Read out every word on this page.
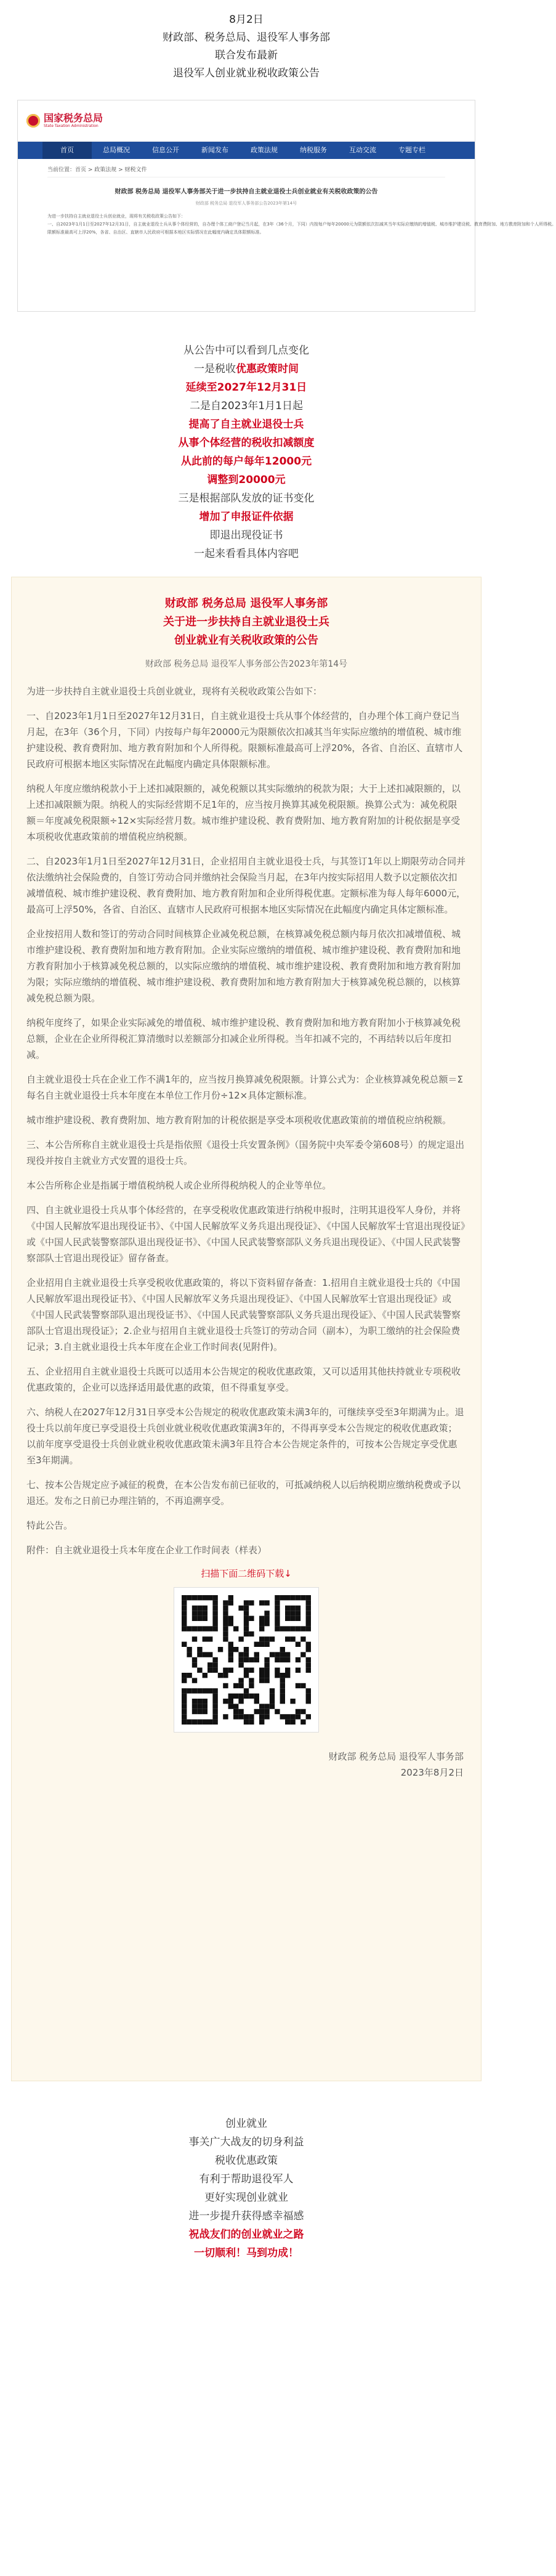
8月2日
财政部、税务总局、退役军人事务部
联合发布最新
退役军人创业就业税收政策公告
国家税务总局
State Taxation Administration
首页	总局概况	信息公开	新闻发布	政策法规	纳税服务	互动交流	专题专栏
当前位置：首页 > 政策法规 > 财税文件
财政部 税务总局 退役军人事务部关于进一步扶持自主就业退役士兵创业就业有关税收政策的公告
财政部 税务总局 退役军人事务部公告2023年第14号
为进一步扶持自主就业退役士兵创业就业，现将有关税收政策公告如下：
一、自2023年1月1日至2027年12月31日，自主就业退役士兵从事个体经营的，自办理个体工商户登记当月起，在3年（36个月，下同）内按每户每年20000元为限额依次扣减其当年实际应缴纳的增值税、城市维护建设税、教育费附加、地方教育附加和个人所得税。
限额标准最高可上浮20%，各省、自治区、直辖市人民政府可根据本地区实际情况在此幅度内确定具体限额标准。
从公告中可以看到几点变化
一是税收优惠政策时间
延续至2027年12月31日
二是自2023年1月1日起
提高了自主就业退役士兵
从事个体经营的税收扣减额度
从此前的每户每年12000元
调整到20000元
三是根据部队发放的证书变化
增加了申报证件依据
即退出现役证书
一起来看看具体内容吧
财政部 税务总局 退役军人事务部
关于进一步扶持自主就业退役士兵
创业就业有关税收政策的公告
财政部 税务总局 退役军人事务部公告2023年第14号

为进一步扶持自主就业退役士兵创业就业，现将有关税收政策公告如下：

一、自2023年1月1日至2027年12月31日，自主就业退役士兵从事个体经营的，自办理个体工商户登记当月起，在3年（36个月，下同）内按每户每年20000元为限额依次扣减其当年实际应缴纳的增值税、城市维护建设税、教育费附加、地方教育附加和个人所得税。限额标准最高可上浮20%，各省、自治区、直辖市人民政府可根据本地区实际情况在此幅度内确定具体限额标准。

纳税人年度应缴纳税款小于上述扣减限额的，减免税额以其实际缴纳的税款为限；大于上述扣减限额的，以上述扣减限额为限。纳税人的实际经营期不足1年的，应当按月换算其减免税限额。换算公式为：减免税限额＝年度减免税限额÷12×实际经营月数。城市维护建设税、教育费附加、地方教育附加的计税依据是享受本项税收优惠政策前的增值税应纳税额。

二、自2023年1月1日至2027年12月31日，企业招用自主就业退役士兵，与其签订1年以上期限劳动合同并依法缴纳社会保险费的，自签订劳动合同并缴纳社会保险当月起，在3年内按实际招用人数予以定额依次扣减增值税、城市维护建设税、教育费附加、地方教育附加和企业所得税优惠。定额标准为每人每年6000元，最高可上浮50%，各省、自治区、直辖市人民政府可根据本地区实际情况在此幅度内确定具体定额标准。

企业按招用人数和签订的劳动合同时间核算企业减免税总额，在核算减免税总额内每月依次扣减增值税、城市维护建设税、教育费附加和地方教育附加。企业实际应缴纳的增值税、城市维护建设税、教育费附加和地方教育附加小于核算减免税总额的，以实际应缴纳的增值税、城市维护建设税、教育费附加和地方教育附加为限；实际应缴纳的增值税、城市维护建设税、教育费附加和地方教育附加大于核算减免税总额的，以核算减免税总额为限。

纳税年度终了，如果企业实际减免的增值税、城市维护建设税、教育费附加和地方教育附加小于核算减免税总额，企业在企业所得税汇算清缴时以差额部分扣减企业所得税。当年扣减不完的，不再结转以后年度扣减。

自主就业退役士兵在企业工作不满1年的，应当按月换算减免税限额。计算公式为：企业核算减免税总额＝Σ每名自主就业退役士兵本年度在本单位工作月份÷12×具体定额标准。

城市维护建设税、教育费附加、地方教育附加的计税依据是享受本项税收优惠政策前的增值税应纳税额。

三、本公告所称自主就业退役士兵是指依照《退役士兵安置条例》（国务院中央军委令第608号）的规定退出现役并按自主就业方式安置的退役士兵。

本公告所称企业是指属于增值税纳税人或企业所得税纳税人的企业等单位。

四、自主就业退役士兵从事个体经营的，在享受税收优惠政策进行纳税申报时，注明其退役军人身份，并将《中国人民解放军退出现役证书》、《中国人民解放军义务兵退出现役证》、《中国人民解放军士官退出现役证》或《中国人民武装警察部队退出现役证书》、《中国人民武装警察部队义务兵退出现役证》、《中国人民武装警察部队士官退出现役证》留存备查。

企业招用自主就业退役士兵享受税收优惠政策的，将以下资料留存备查：1.招用自主就业退役士兵的《中国人民解放军退出现役证书》、《中国人民解放军义务兵退出现役证》、《中国人民解放军士官退出现役证》或《中国人民武装警察部队退出现役证书》、《中国人民武装警察部队义务兵退出现役证》、《中国人民武装警察部队士官退出现役证》；2.企业与招用自主就业退役士兵签订的劳动合同（副本），为职工缴纳的社会保险费记录；3.自主就业退役士兵本年度在企业工作时间表(见附件)。

五、企业招用自主就业退役士兵既可以适用本公告规定的税收优惠政策，又可以适用其他扶持就业专项税收优惠政策的，企业可以选择适用最优惠的政策，但不得重复享受。

六、纳税人在2027年12月31日享受本公告规定的税收优惠政策未满3年的，可继续享受至3年期满为止。退役士兵以前年度已享受退役士兵创业就业税收优惠政策满3年的，不得再享受本公告规定的税收优惠政策；以前年度享受退役士兵创业就业税收优惠政策未满3年且符合本公告规定条件的，可按本公告规定享受优惠至3年期满。

七、按本公告规定应予减征的税费，在本公告发布前已征收的，可抵减纳税人以后纳税期应缴纳税费或予以退还。发布之日前已办理注销的，不再追溯享受。

特此公告。

附件：自主就业退役士兵本年度在企业工作时间表（样表）

扫描下面二维码下载↓
财政部 税务总局 退役军人事务部
2023年8月2日
创业就业
事关广大战友的切身利益
税收优惠政策
有利于帮助退役军人
更好实现创业就业
进一步提升获得感幸福感
祝战友们的创业就业之路
一切顺利！马到功成！
